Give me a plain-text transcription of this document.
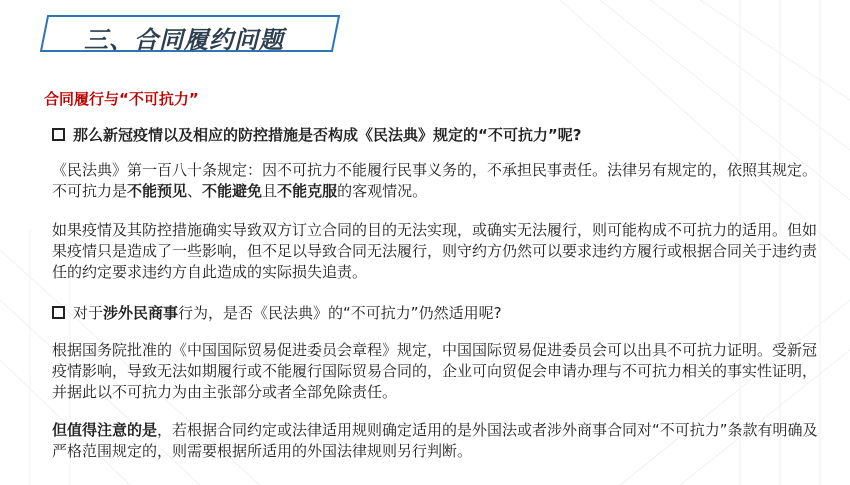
三、合同履约问题
合同履行与“不可抗力”
那么新冠疫情以及相应的防控措施是否构成《民法典》规定的“不可抗力”呢?
《民法典》第一百八十条规定：因不可抗力不能履行民事义务的，不承担民事责任。法律另有规定的，依照其规定。不可抗力是不能预见、不能避免且不能克服的客观情况。
如果疫情及其防控措施确实导致双方订立合同的目的无法实现，或确实无法履行，则可能构成不可抗力的适用。但如果疫情只是造成了一些影响，但不足以导致合同无法履行，则守约方仍然可以要求违约方履行或根据合同关于违约责任的约定要求违约方自此造成的实际损失追责。
对于 涉外民商事 行为，是否《民法典》的“不可抗力”仍然适用呢?
根据国务院批准的《中国国际贸易促进委员会章程》规定，中国国际贸易促进委员会可以出具不可抗力证明。受新冠疫情影响，导致无法如期履行或不能履行国际贸易合同的，企业可向贸促会申请办理与不可抗力相关的事实性证明，并据此以不可抗力为由主张部分或者全部免除责任。
但值得注意的是，若根据合同约定或法律适用规则确定适用的是外国法或者涉外商事合同对“不可抗力”条款有明确及严格范围规定的，则需要根据所适用的外国法律规则另行判断。
